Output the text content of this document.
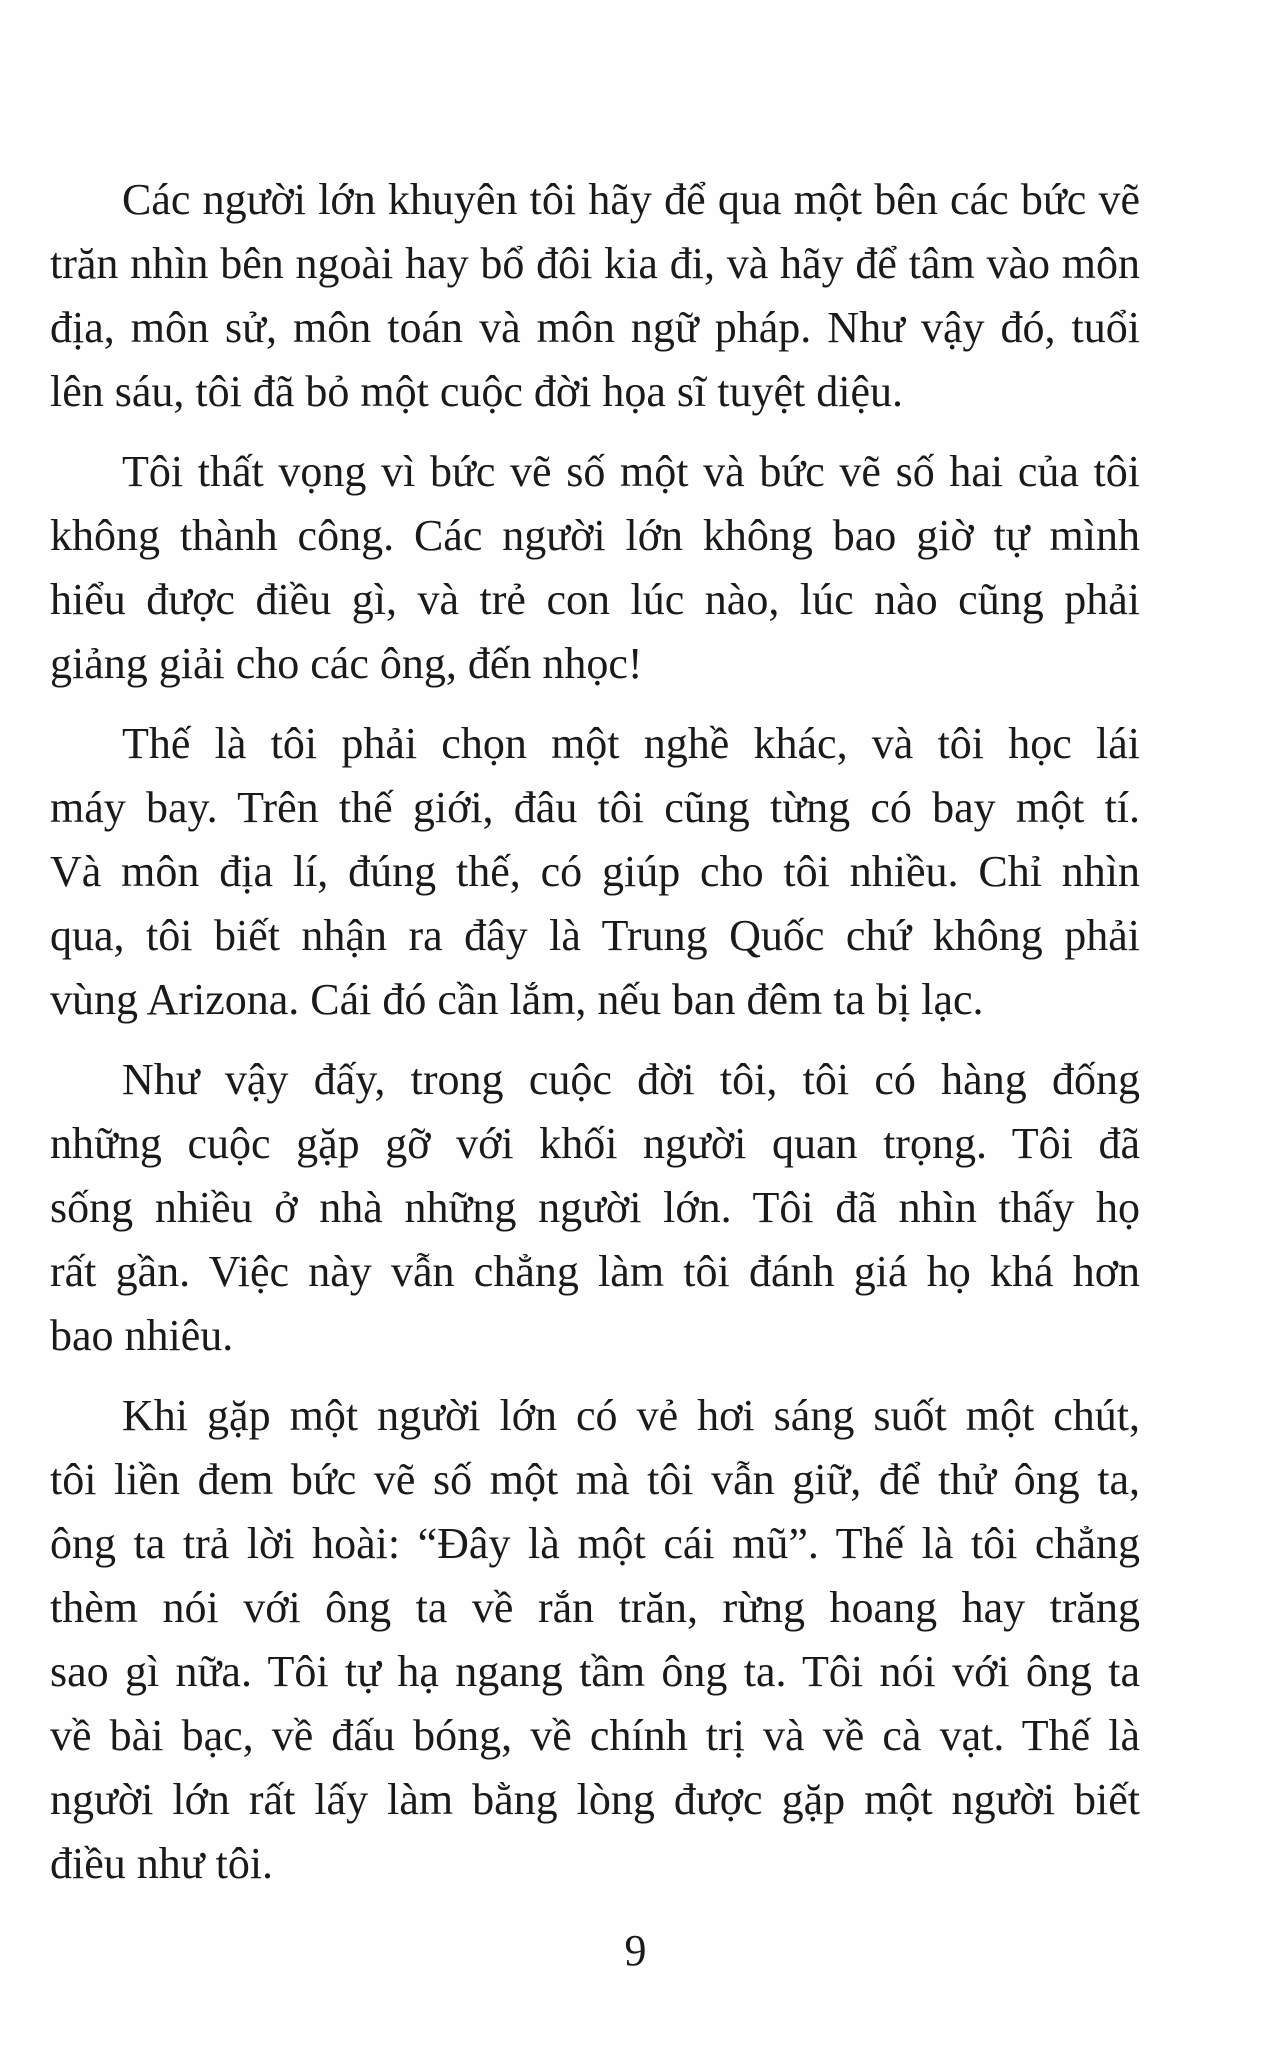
Các người lớn khuyên tôi hãy để qua một bên các bức vẽ
trăn nhìn bên ngoài hay bổ đôi kia đi, và hãy để tâm vào môn
địa, môn sử, môn toán và môn ngữ pháp. Như vậy đó, tuổi
lên sáu, tôi đã bỏ một cuộc đời họa sĩ tuyệt diệu.

Tôi thất vọng vì bức vẽ số một và bức vẽ số hai của tôi
không thành công. Các người lớn không bao giờ tự mình
hiểu được điều gì, và trẻ con lúc nào, lúc nào cũng phải
giảng giải cho các ông, đến nhọc!

Thế là tôi phải chọn một nghề khác, và tôi học lái
máy bay. Trên thế giới, đâu tôi cũng từng có bay một tí.
Và môn địa lí, đúng thế, có giúp cho tôi nhiều. Chỉ nhìn
qua, tôi biết nhận ra đây là Trung Quốc chứ không phải
vùng Arizona. Cái đó cần lắm, nếu ban đêm ta bị lạc.

Như vậy đấy, trong cuộc đời tôi, tôi có hàng đống
những cuộc gặp gỡ với khối người quan trọng. Tôi đã
sống nhiều ở nhà những người lớn. Tôi đã nhìn thấy họ
rất gần. Việc này vẫn chẳng làm tôi đánh giá họ khá hơn
bao nhiêu.

Khi gặp một người lớn có vẻ hơi sáng suốt một chút,
tôi liền đem bức vẽ số một mà tôi vẫn giữ, để thử ông ta,
ông ta trả lời hoài: “Đây là một cái mũ”. Thế là tôi chẳng
thèm nói với ông ta về rắn trăn, rừng hoang hay trăng
sao gì nữa. Tôi tự hạ ngang tầm ông ta. Tôi nói với ông ta
về bài bạc, về đấu bóng, về chính trị và về cà vạt. Thế là
người lớn rất lấy làm bằng lòng được gặp một người biết
điều như tôi.

9
